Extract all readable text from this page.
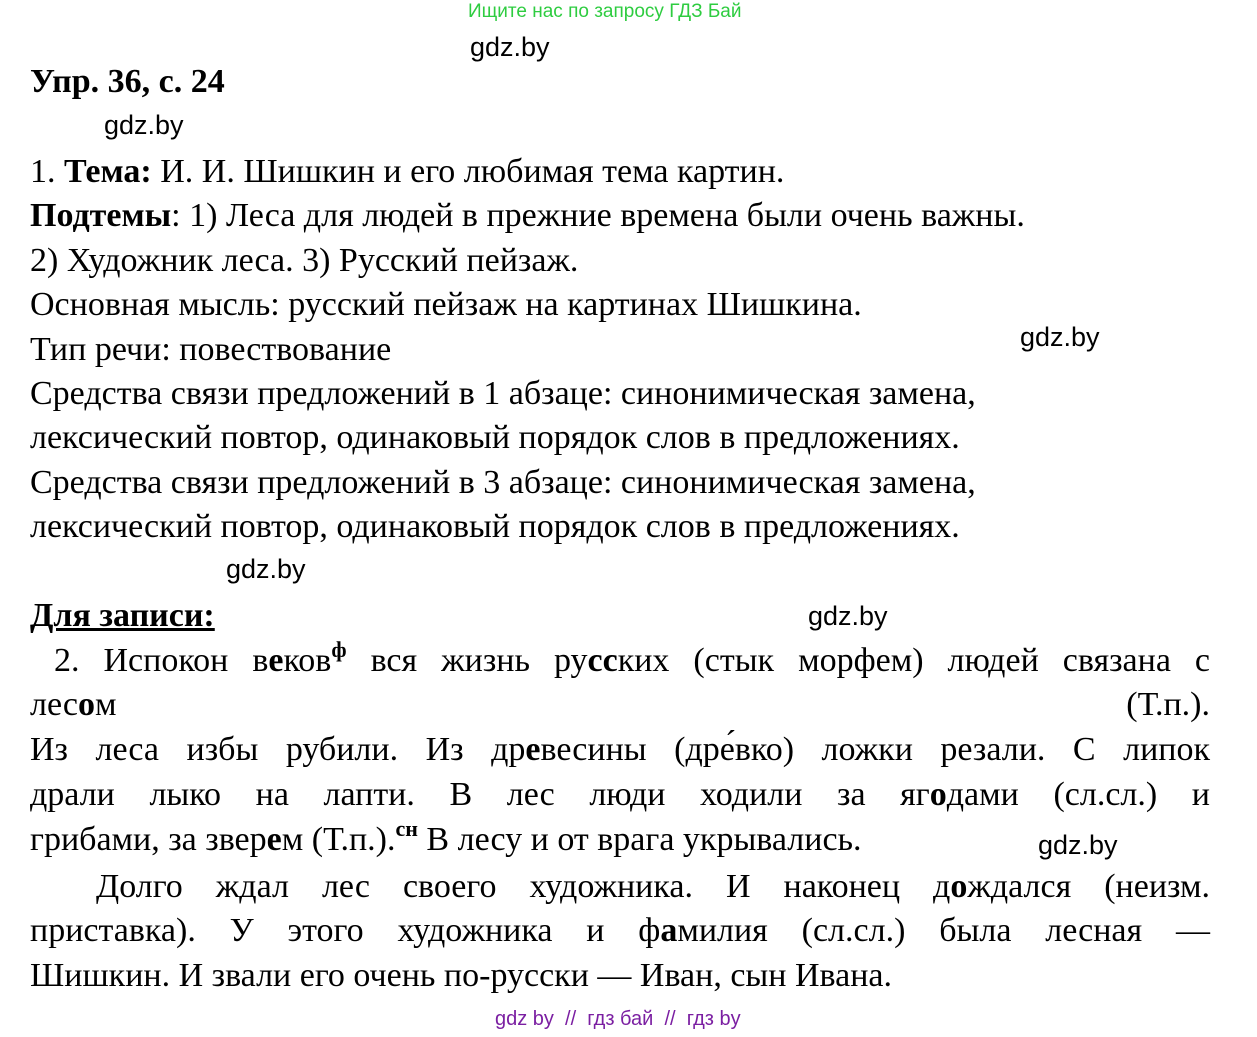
Ищите нас по запросу ГДЗ Бай
gdz.by
gdz.by
gdz.by
gdz.by
gdz.by
gdz.by
Упр. 36, с. 24
1. Тема: И. И. Шишкин и его любимая тема картин.
Подтемы: 1) Леса для людей в прежние времена были очень важны.
2) Художник леса. 3) Русский пейзаж.
Основная мысль: русский пейзаж на картинах Шишкина.
Тип речи: повествование
Средства связи предложений в 1 абзаце: синонимическая замена,
лексический повтор, одинаковый порядок слов в предложениях.
Средства связи предложений в 3 абзаце: синонимическая замена,
лексический повтор, одинаковый порядок слов в предложениях.
Для записи:
2. Испокон веков$^ф$ вся жизнь русских (стык морфем) людей связана с
лесом	(Т.п.).
Из леса избы рубили. Из древесины (дре́вко) ложки резали. С липок
драли лыко на лапти. В лес люди ходили за ягодами (сл.сл.) и
грибами, за зверем (Т.п.).$^{сн}$ В лесу и от врага укрывались.
Долго ждал лес своего художника. И наконец дождался (неизм.
приставка). У этого художника и фамилия (сл.сл.) была лесная —
Шишкин. И звали его очень по-русски — Иван, сын Ивана.
gdz by  //  гдз бай  //  гдз by
